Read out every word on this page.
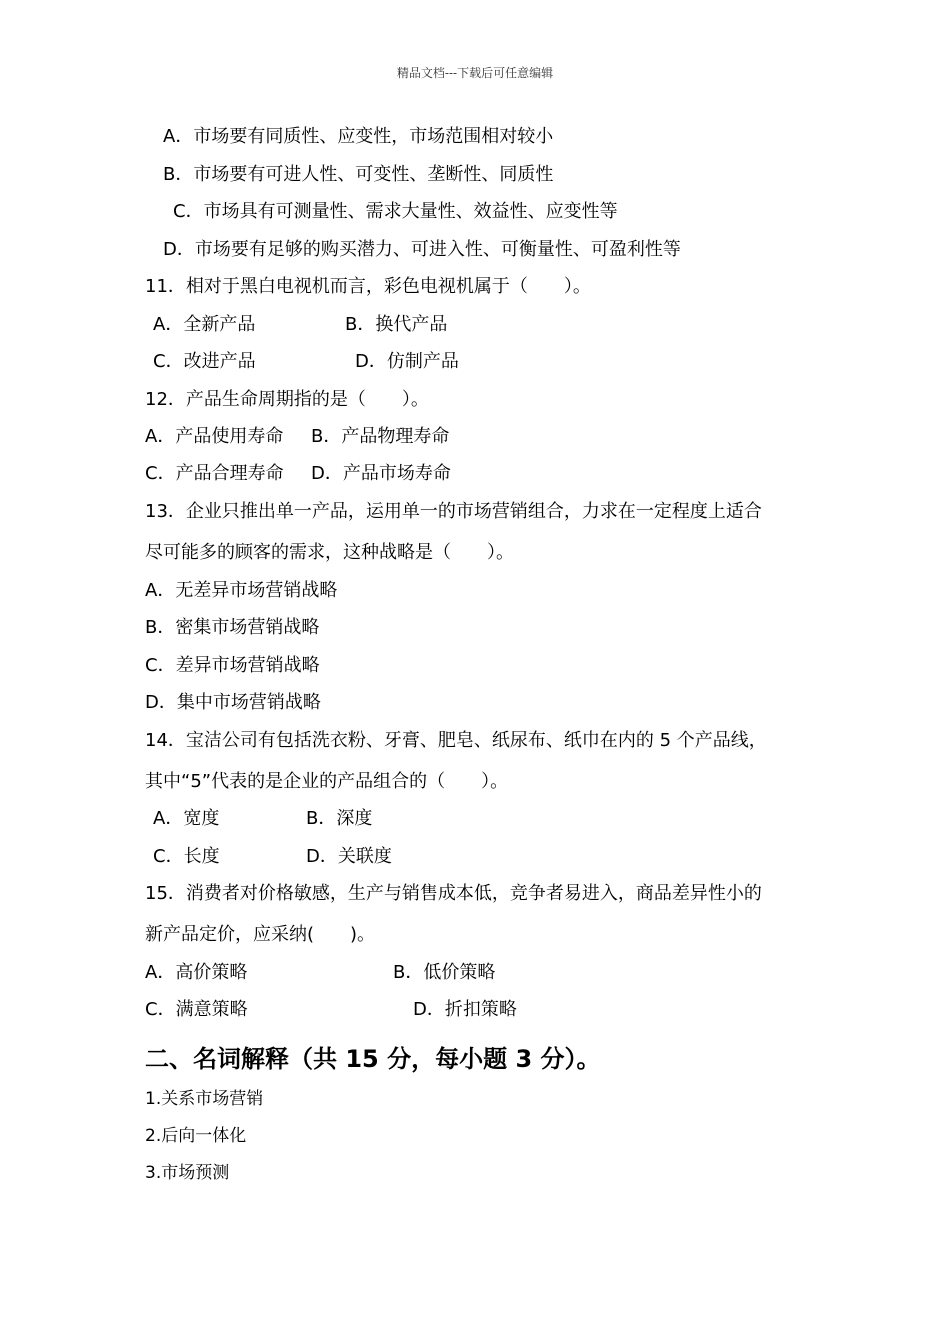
精品文档---下载后可任意编辑
A．市场要有同质性、应变性，市场范围相对较小
B．市场要有可进人性、可变性、垄断性、同质性
C．市场具有可测量性、需求大量性、效益性、应变性等
D．市场要有足够的购买潜力、可进入性、可衡量性、可盈利性等
11．相对于黑白电视机而言，彩色电视机属于（　　）。
A．全新产品	B．换代产品
C．改进产品	D．仿制产品
12．产品生命周期指的是（　　）。
A．产品使用寿命 B．产品物理寿命
C．产品合理寿命 D．产品市场寿命
13．企业只推出单一产品，运用单一的市场营销组合，力求在一定程度上适合
尽可能多的顾客的需求，这种战略是（　　）。
A．无差异市场营销战略
B．密集市场营销战略
C．差异市场营销战略
D．集中市场营销战略
14．宝洁公司有包括洗衣粉、牙膏、肥皂、纸尿布、纸巾在内的 5 个产品线，
其中“5”代表的是企业的产品组合的（　　）。
A．宽度	B．深度
C．长度	D．关联度
15．消费者对价格敏感，生产与销售成本低，竞争者易进入，商品差异性小的
新产品定价，应采纳(　　)。
A．高价策略	B．低价策略
C．满意策略	D．折扣策略
二、名词解释（共 15 分，每小题 3 分）。
1.关系市场营销
2.后向一体化
3.市场预测
